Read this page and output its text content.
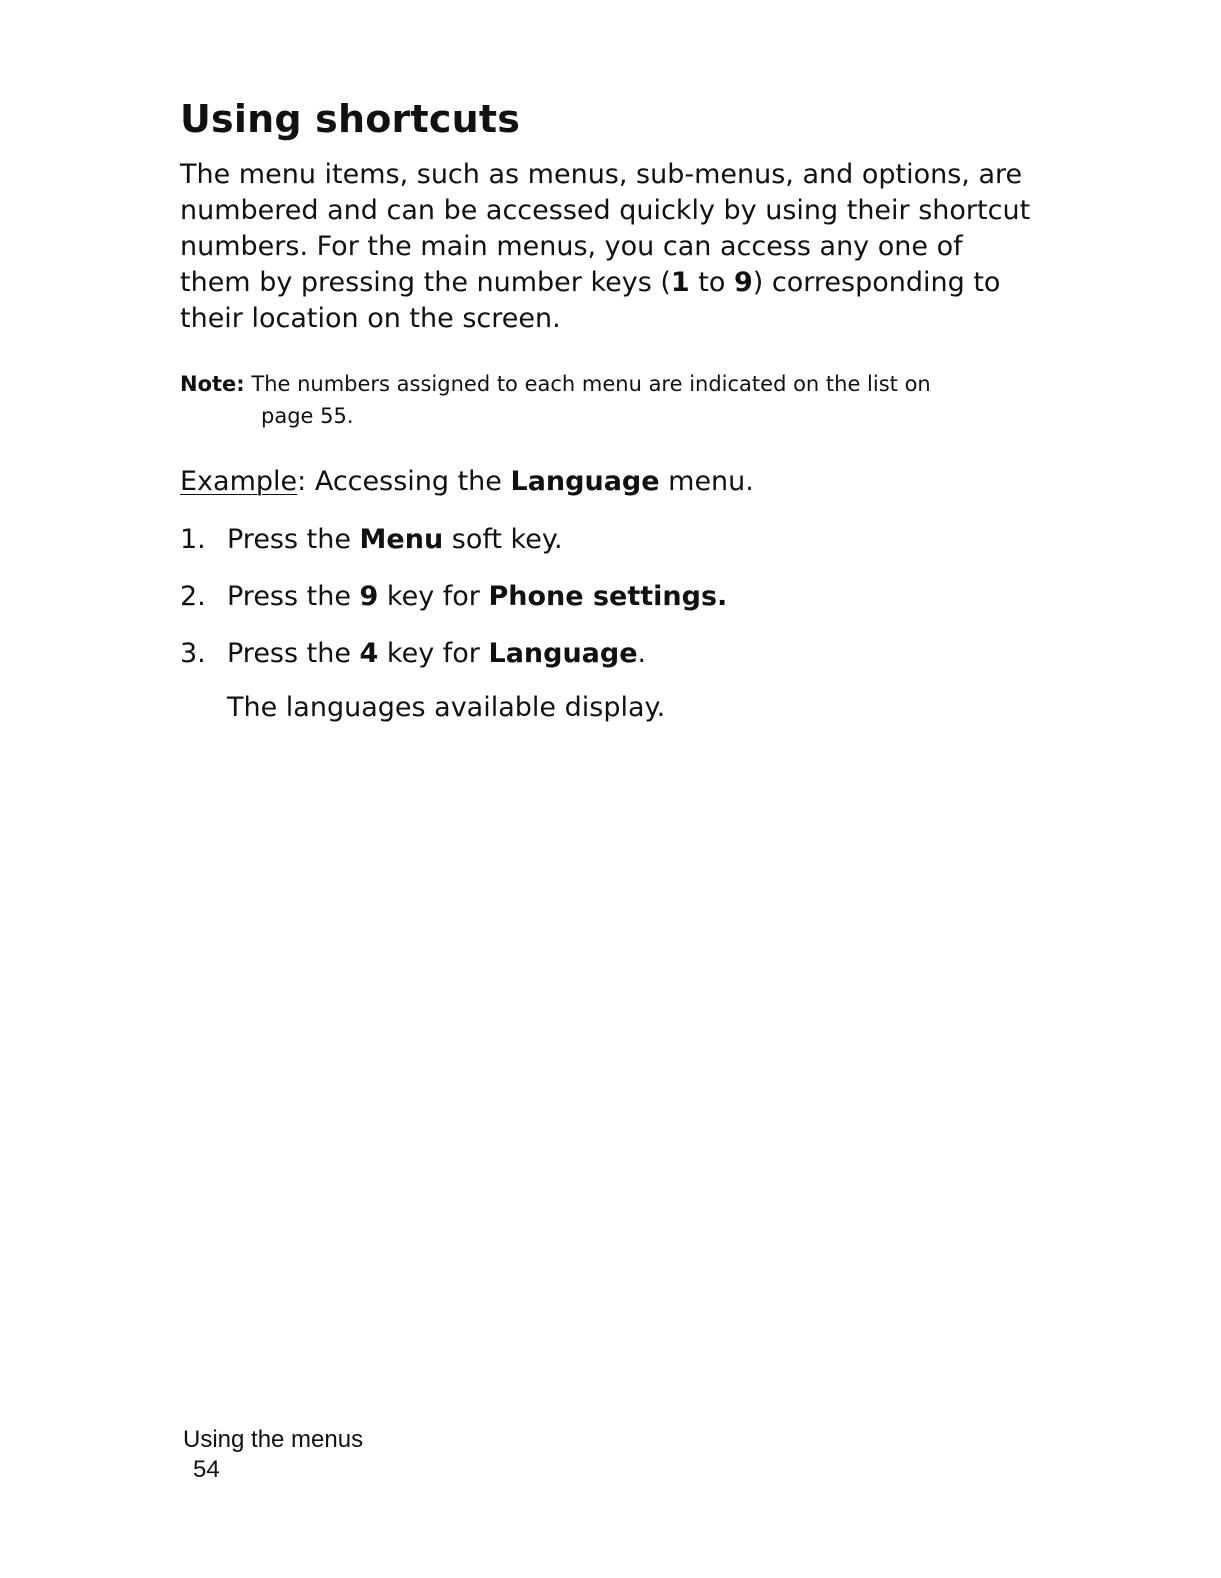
Using shortcuts

The menu items, such as menus, sub-menus, and options, are numbered and can be accessed quickly by using their shortcut numbers. For the main menus, you can access any one of them by pressing the number keys (1 to 9) corresponding to their location on the screen.

Note: The numbers assigned to each menu are indicated on the list on
page 55.
Example: Accessing the Language menu.
1. Press the Menu soft key.
2. Press the 9 key for Phone settings.
3. Press the 4 key for Language.
The languages available display.
Using the menus
54
